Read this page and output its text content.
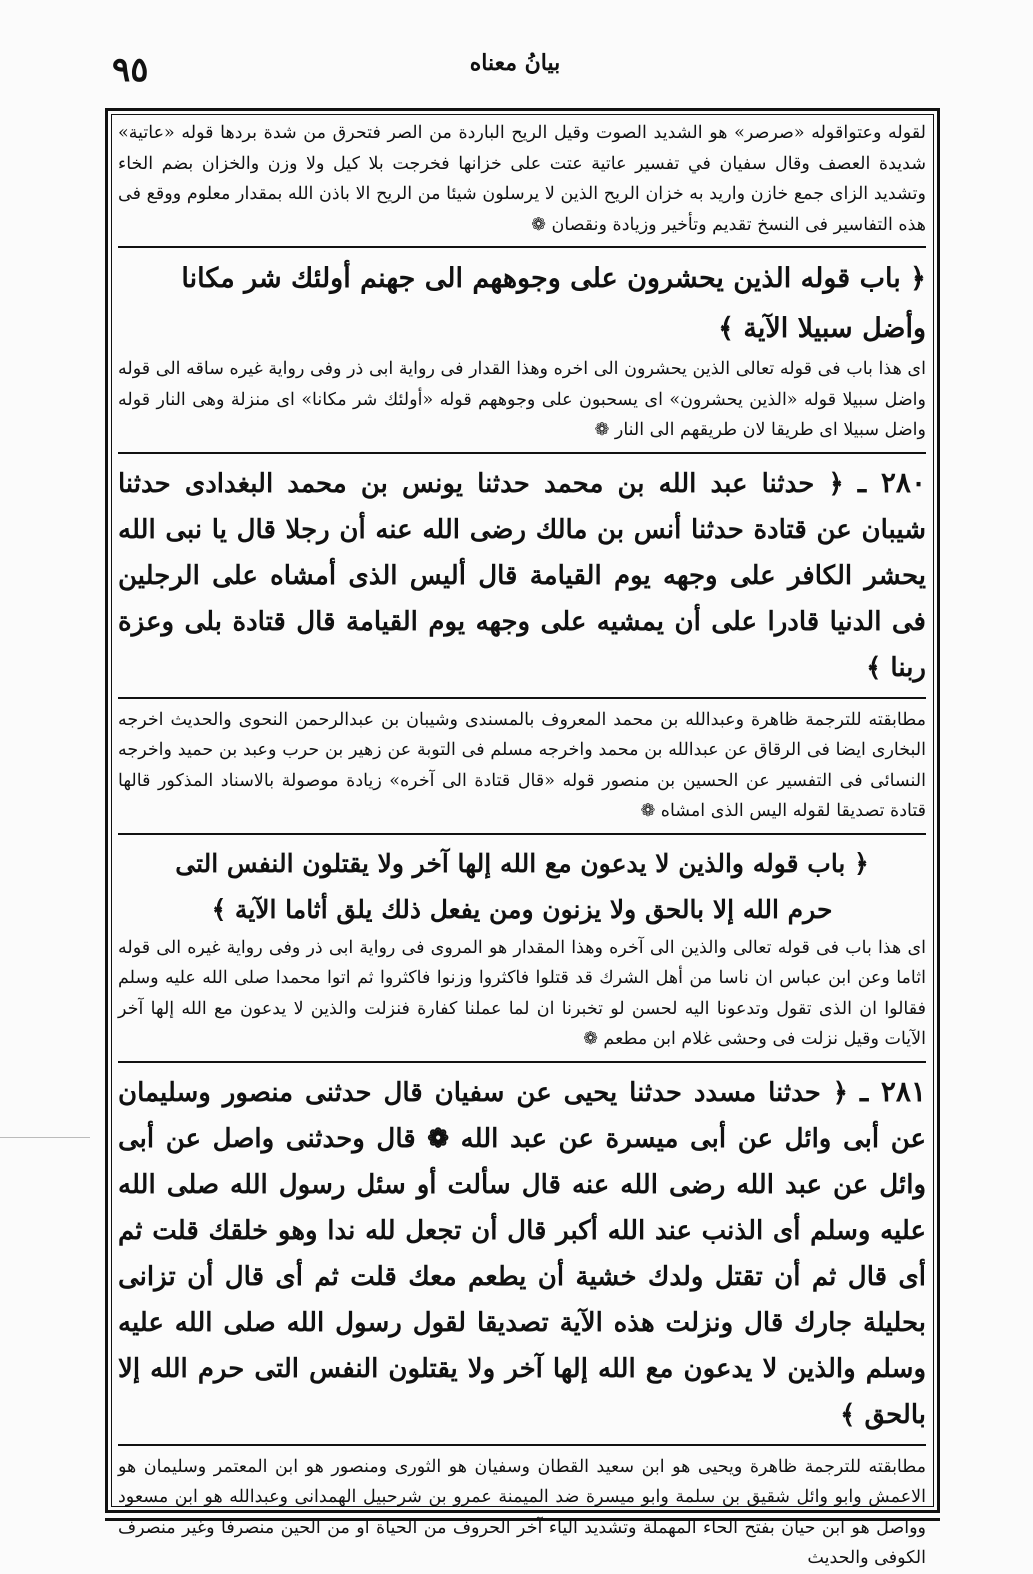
٩٥	بيانُ معناه

لقوله وعتواقوله «صرصر» هو الشديد الصوت وقيل الريح الباردة من الصر فتحرق من شدة بردها قوله «عاتية» شديدة العصف وقال سفيان في تفسير عاتية عتت على خزانها فخرجت بلا كيل ولا وزن والخزان بضم الخاء وتشديد الزاى جمع خازن واريد به خزان الريح الذين لا يرسلون شيئا من الريح الا باذن الله بمقدار معلوم ووقع فى هذه التفاسير فى النسخ تقديم وتأخير وزيادة ونقصان ❁

﴿ باب قوله الذين يحشرون على وجوههم الى جهنم أولئك شر مكانا وأضل سبيلا الآية ﴾

اى هذا باب فى قوله تعالى الذين يحشرون الى اخره وهذا القدار فى رواية ابى ذر وفى رواية غيره ساقه الى قوله واضل سبيلا قوله «الذين يحشرون» اى يسحبون على وجوههم قوله «أولئك شر مكانا» اى منزلة وهى النار قوله واضل سبيلا اى طريقا لان طريقهم الى النار ❁

٢٨٠ ـ ﴿ حدثنا عبد الله بن محمد حدثنا يونس بن محمد البغدادى حدثنا شيبان عن قتادة حدثنا أنس بن مالك رضى الله عنه أن رجلا قال يا نبى الله يحشر الكافر على وجهه يوم القيامة قال أليس الذى أمشاه على الرجلين فى الدنيا قادرا على أن يمشيه على وجهه يوم القيامة قال قتادة بلى وعزة ربنا ﴾

مطابقته للترجمة ظاهرة وعبدالله بن محمد المعروف بالمسندى وشيبان بن عبدالرحمن النحوى والحديث اخرجه البخارى ايضا فى الرقاق عن عبدالله بن محمد واخرجه مسلم فى التوبة عن زهير بن حرب وعبد بن حميد واخرجه النسائى فى التفسير عن الحسين بن منصور قوله «قال قتادة الى آخره» زيادة موصولة بالاسناد المذكور قالها قتادة تصديقا لقوله اليس الذى امشاه ❁

﴿ باب قوله والذين لا يدعون مع الله إلها آخر ولا يقتلون النفس التى

حرم الله إلا بالحق ولا يزنون ومن يفعل ذلك يلق أثاما الآية ﴾

اى هذا باب فى قوله تعالى والذين الى آخره وهذا المقدار هو المروى فى رواية ابى ذر وفى رواية غيره الى قوله اثاما وعن ابن عباس ان ناسا من أهل الشرك قد قتلوا فاكثروا وزنوا فاكثروا ثم اتوا محمدا صلى الله عليه وسلم فقالوا ان الذى تقول وتدعونا اليه لحسن لو تخبرنا ان لما عملنا كفارة فنزلت والذين لا يدعون مع الله إلها آخر الآيات وقيل نزلت فى وحشى غلام ابن مطعم ❁

٢٨١ ـ ﴿ حدثنا مسدد حدثنا يحيى عن سفيان قال حدثنى منصور وسليمان عن أبى وائل عن أبى ميسرة عن عبد الله ❁ قال وحدثنى واصل عن أبى وائل عن عبد الله رضى الله عنه قال سألت أو سئل رسول الله صلى الله عليه وسلم أى الذنب عند الله أكبر قال أن تجعل لله ندا وهو خلقك قلت ثم أى قال ثم أن تقتل ولدك خشية أن يطعم معك قلت ثم أى قال أن تزانى بحليلة جارك قال ونزلت هذه الآية تصديقا لقول رسول الله صلى الله عليه وسلم والذين لا يدعون مع الله إلها آخر ولا يقتلون النفس التى حرم الله إلا بالحق ﴾

مطابقته للترجمة ظاهرة ويحيى هو ابن سعيد القطان وسفيان هو الثورى ومنصور هو ابن المعتمر وسليمان هو الاعمش وابو وائل شقيق بن سلمة وابو ميسرة ضد الميمنة عمرو بن شرحبيل الهمدانى وعبدالله هو ابن مسعود وواصل هو ابن حيان بفتح الحاء المهملة وتشديد الياء آخر الحروف من الحياة او من الحين منصرفا وغير منصرف الكوفى والحديث
